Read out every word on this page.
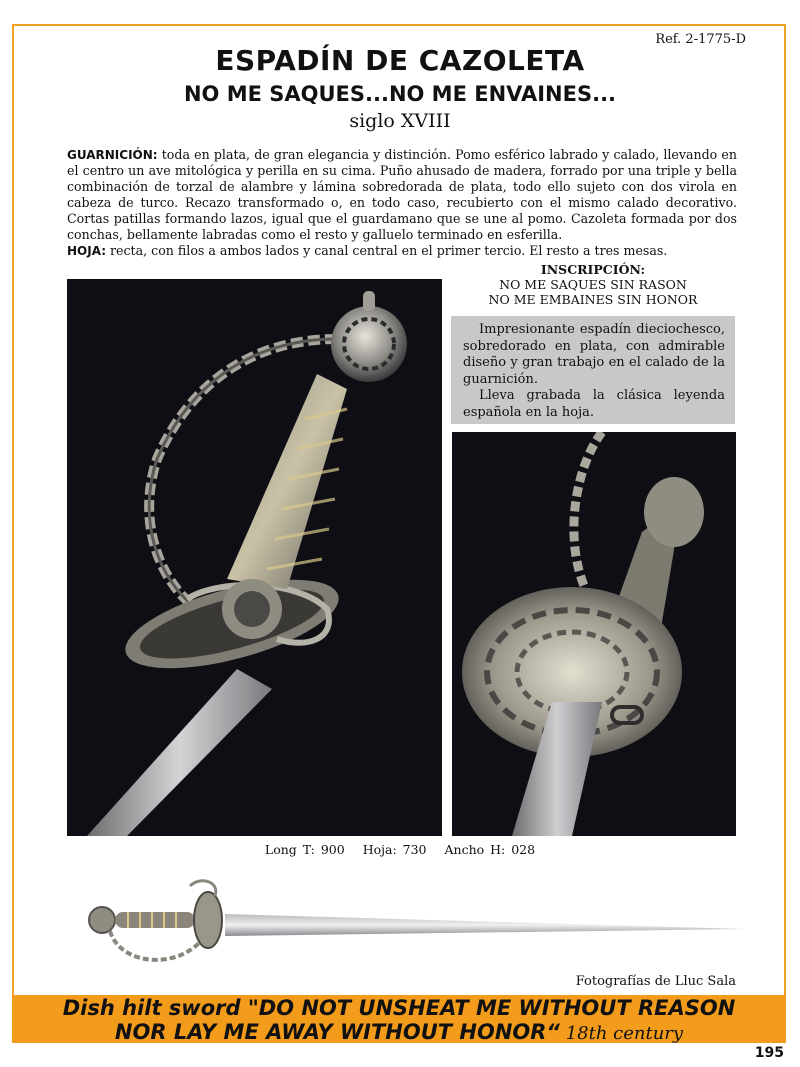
Ref. 2-1775-D
ESPADÍN DE CAZOLETA
NO ME SAQUES...NO ME ENVAINES...
siglo XVIII

GUARNICIÓN: toda en plata, de gran elegancia y distinción. Pomo esférico labrado y calado, llevando en el centro un ave mitológica y perilla en su cima. Puño ahusado de madera, forrado por una triple y bella combinación de torzal de alambre y lámina sobredorada de plata, todo ello sujeto con dos virola en cabeza de turco. Recazo transformado o, en todo caso, recubierto con el mismo calado decorativo. Cortas patillas formando lazos, igual que el guardamano que se une al pomo. Cazoleta formada por dos conchas, bellamente labradas como el resto y galluelo terminado en esferilla.

HOJA: recta, con filos a ambos lados y canal central en el primer tercio. El resto a tres mesas.

INSCRIPCIÓN:
NO ME SAQUES SIN RASON
NO ME EMBAINES SIN HONOR

Impresionante espadín dieciochesco, sobredorado en plata, con admirable diseño y gran trabajo en el calado de la guarnición.

Lleva grabada la clásica leyenda española en la hoja.

Long T: 900 Hoja: 730 Ancho H: 028
Fotografías de Lluc Sala
Dish hilt sword "DO NOT UNSHEAT ME WITHOUT REASON
NOR LAY ME AWAY WITHOUT HONOR“ 18th century
195
